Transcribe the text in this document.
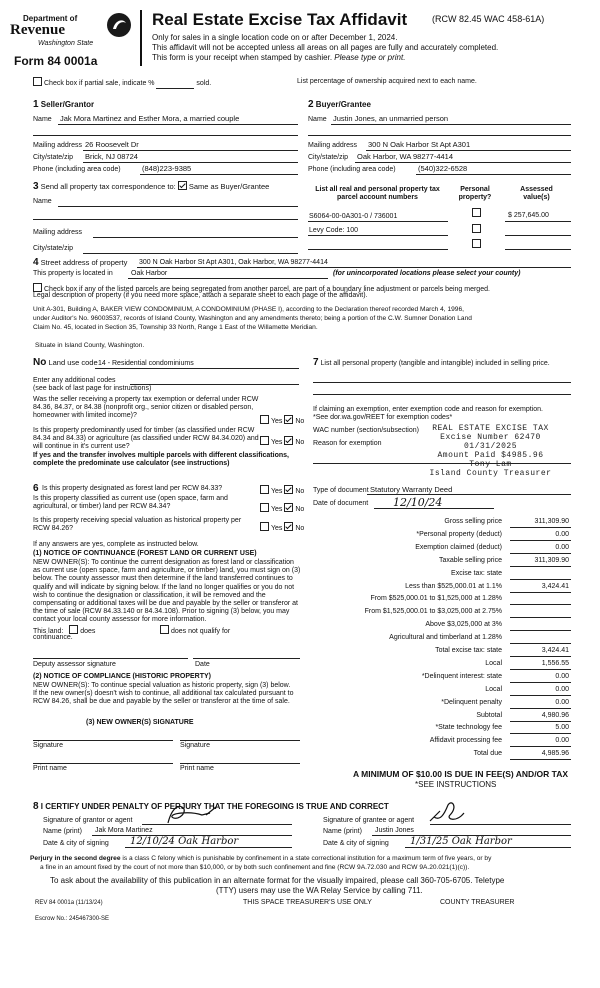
Department of
Revenue
Washington State
Form 84 0001a
Real Estate Excise Tax Affidavit	(RCW 82.45 WAC 458-61A)
Only for sales in a single location code on or after December 1, 2024.
This affidavit will not be accepted unless all areas on all pages are fully and accurately completed.
This form is your receipt when stamped by cashier. Please type or print.
Check box if partial sale, indicate %	sold.	List percentage of ownership acquired next to each name.
1 Seller/Grantor
Name Jak Mora Martinez and Esther Mora, a married couple
Mailing address 26 Roosevelt Dr
City/state/zip Brick, NJ 08724
Phone (including area code)	(848)223-9385
2 Buyer/Grantee
Name Justin Jones, an unmarried person
Mailing address 300 N Oak Harbor St Apt A301
City/state/zip Oak Harbor, WA 98277-4414
Phone (including area code)	(540)322-6528
3 Send all property tax correspondence to: Same as Buyer/Grantee
Name
Mailing address
City/state/zip
List all real and personal property tax parcel account numbers
Personal property?
Assessed value(s)
S6064-00-0A301-0 / 736001	$ 257,645.00
Levy Code: 100
4 Street address of property 300 N Oak Harbor St Apt A301, Oak Harbor, WA 98277-4414
This property is located in	Oak Harbor	(for unincorporated locations please select your county)
Check box if any of the listed parcels are being segregated from another parcel, are part of a boundary line adjustment or parcels being merged.
Legal description of property (if you need more space, attach a separate sheet to each page of the affidavit).
Unit A-301, Building A, BAKER VIEW CONDOMINIUM, A CONDOMINIUM (PHASE I), according to the Declaration thereof recorded March 4, 1996,
under Auditor's No. 96003537, records of Island County, Washington and any amendments thereto; being a portion of the C.W. Sumner Donation Land
Claim No. 45, located in Section 35, Township 33 North, Range 1 East of the Willamette Meridian.
Situate in Island County, Washington.
No Land use code 14 - Residential condominiums
Enter any additional codes
(see back of last page for instructions)
Was the seller receiving a property tax exemption or deferral under RCW 84.36, 84.37, or 84.38 (nonprofit org., senior citizen or disabled person, homeowner with limited income)?
Yes No
Is this property predominantly used for timber (as classified under RCW 84.34 and 84.33) or agriculture (as classified under RCW 84.34.020) and will continue in it's current use?
If yes and the transfer involves multiple parcels with different classifications, complete the predominate use calculator (see instructions)
Yes No
6 Is this property designated as forest land per RCW 84.33?	Yes No
Is this property classified as current use (open space, farm and agricultural, or timber) land per RCW 84.34?	Yes No
Is this property receiving special valuation as historical property per RCW 84.26?	Yes No
If any answers are yes, complete as instructed below.
(1) NOTICE OF CONTINUANCE (FOREST LAND OR CURRENT USE)
NEW OWNER(S): To continue the current designation as forest land or classification as current use (open space, farm and agriculture, or timber) land, you must sign on (3) below. The county assessor must then determine if the land transferred continues to qualify and will indicate by signing below. If the land no longer qualifies or you do not wish to continue the designation or classification, it will be removed and the compensating or additional taxes will be due and payable by the seller or transferor at the time of sale (RCW 84.33.140 or 84.34.108). Prior to signing (3) below, you may contact your local county assessor for more information.
This land: does	does not qualify for
continuance.
Deputy assessor signature	Date
(2) NOTICE OF COMPLIANCE (HISTORIC PROPERTY)
NEW OWNER(S): To continue special valuation as historic property, sign (3) below. If the new owner(s) doesn't wish to continue, all additional tax calculated pursuant to RCW 84.26, shall be due and payable by the seller or transferor at the time of sale.
(3) NEW OWNER(S) SIGNATURE
Signature	Signature
Print name	Print name
7 List all personal property (tangible and intangible) included in selling price.
If claiming an exemption, enter exemption code and reason for exemption. *See dor.wa.gov/REET for exemption codes*
WAC number (section/subsection)
Reason for exemption
REAL ESTATE EXCISE TAX
Excise Number 62470
01/31/2025
Amount Paid $4985.96
Tony Lam
Island County Treasurer
Type of document Statutory Warranty Deed
Date of document 12/10/24
Gross selling price	311,309.90
*Personal property (deduct)	0.00
Exemption claimed (deduct)	0.00
Taxable selling price	311,309.90
Excise tax: state
Less than $525,000.01 at 1.1%	3,424.41
From $525,000.01 to $1,525,000 at 1.28%
From $1,525,000.01 to $3,025,000 at 2.75%
Above $3,025,000 at 3%
Agricultural and timberland at 1.28%
Total excise tax: state	3,424.41
Local	1,556.55
*Delinquent interest: state	0.00
Local	0.00
*Delinquent penalty	0.00
Subtotal	4,980.96
*State technology fee	5.00
Affidavit processing fee	0.00
Total due	4,985.96
A MINIMUM OF $10.00 IS DUE IN FEE(S) AND/OR TAX
*SEE INSTRUCTIONS
8 I CERTIFY UNDER PENALTY OF PERJURY THAT THE FOREGOING IS TRUE AND CORRECT
Signature of grantor or agent
Name (print) Jak Mora Martinez
Date & city of signing 12/10/24 Oak Harbor
Signature of grantee or agent
Name (print) Justin Jones
Date & city of signing 1/31/25 Oak Harbor
Perjury in the second degree is a class C felony which is punishable by confinement in a state correctional institution for a maximum term of five years, or by
a fine in an amount fixed by the court of not more than $10,000, or by both such confinement and fine (RCW 9A.72.030 and RCW 9A.20.021(1)(c)).
To ask about the availability of this publication in an alternate format for the visually impaired, please call 360-705-6705. Teletype
(TTY) users may use the WA Relay Service by calling 711.
REV 84 0001a (11/13/24)	THIS SPACE TREASURER'S USE ONLY	COUNTY TREASURER
Escrow No.: 245467300-SE
